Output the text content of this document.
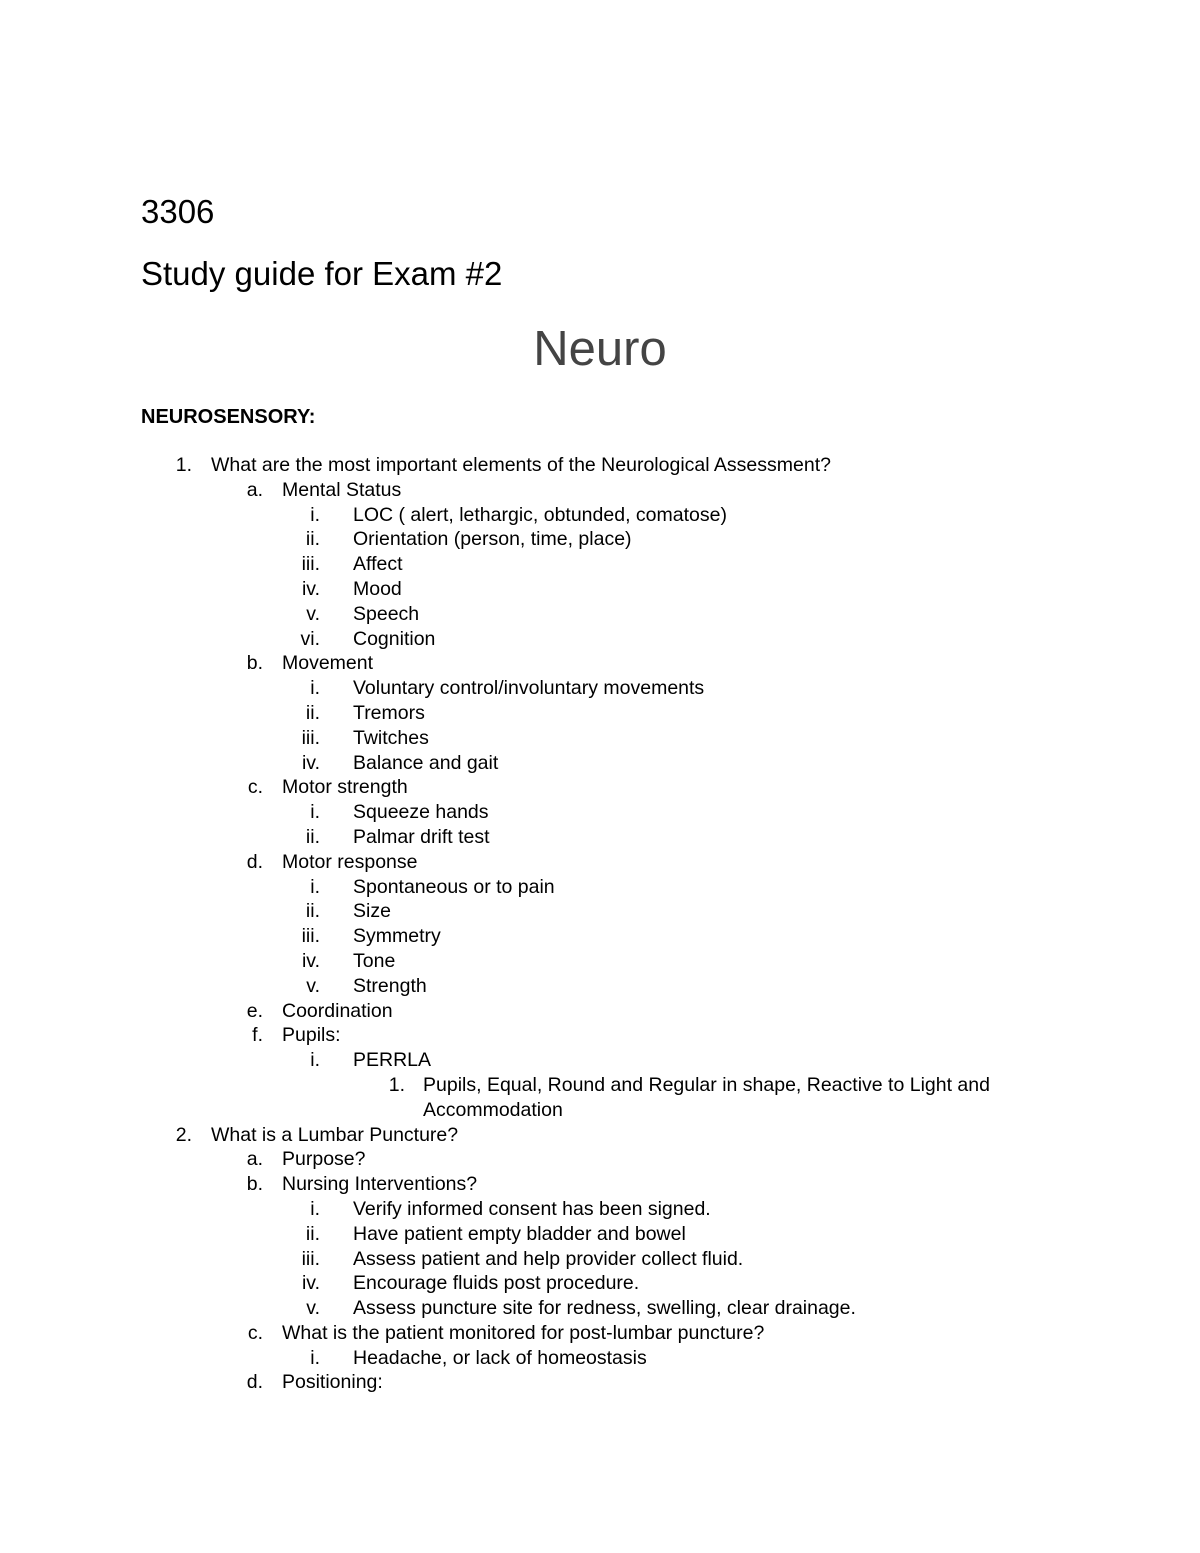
3306
Study guide for Exam #2
Neuro
NEUROSENSORY:
1. What are the most important elements of the Neurological Assessment?
a. Mental Status
i. LOC ( alert, lethargic, obtunded, comatose)
ii. Orientation (person, time, place)
iii. Affect
iv. Mood
v. Speech
vi. Cognition
b. Movement
i. Voluntary control/involuntary movements
ii. Tremors
iii. Twitches
iv. Balance and gait
c. Motor strength
i. Squeeze hands
ii. Palmar drift test
d. Motor response
i. Spontaneous or to pain
ii. Size
iii. Symmetry
iv. Tone
v. Strength
e. Coordination
f. Pupils:
i. PERRLA
1. Pupils, Equal, Round and Regular in shape, Reactive to Light and Accommodation
2. What is a Lumbar Puncture?
a. Purpose?
b. Nursing Interventions?
i. Verify informed consent has been signed.
ii. Have patient empty bladder and bowel
iii. Assess patient and help provider collect fluid.
iv. Encourage fluids post procedure.
v. Assess puncture site for redness, swelling, clear drainage.
c. What is the patient monitored for post-lumbar puncture?
i. Headache, or lack of homeostasis
d. Positioning:
